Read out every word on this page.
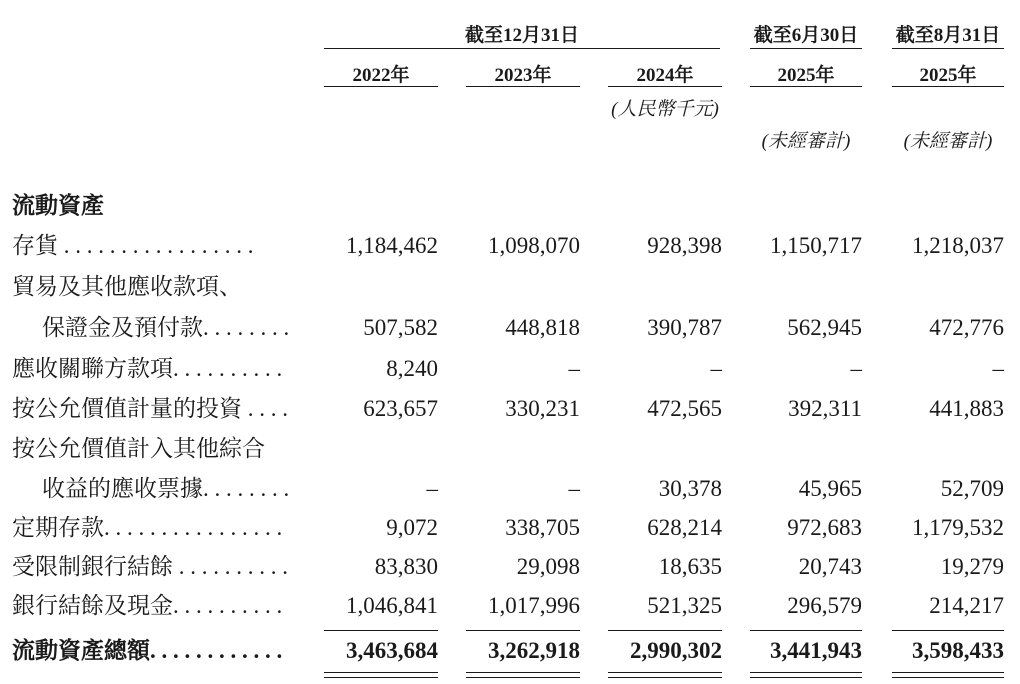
截至12月31日	截至6月30日 截至8月31日
2022年	2023年	2024年	2025年	2025年
(人民幣千元)
(未經審計)	(未經審計)
流動資產
存貨 . . . . . . . . . . . . . . . . .	1,184,462 1,098,070	928,398 1,150,717 1,218,037
貿易及其他應收款項、
保證金及預付款. . . . . . . .	507,582	448,818	390,787	562,945	472,776
應收關聯方款項. . . . . . . . . .	8,240	–	–	–	–
按公允價值計量的投資 . . . .	623,657	330,231	472,565	392,311	441,883
按公允價值計入其他綜合
收益的應收票據. . . . . . . .	–	–	30,378	45,965	52,709
定期存款. . . . . . . . . . . . . . . .	9,072	338,705	628,214	972,683 1,179,532
受限制銀行結餘 . . . . . . . . . .	83,830	29,098	18,635	20,743	19,279
銀行結餘及現金. . . . . . . . . .	1,046,841 1,017,996	521,325	296,579	214,217
流動資產總額. . . . . . . . . . . .	3,463,684 3,262,918 2,990,302 3,441,943 3,598,433
